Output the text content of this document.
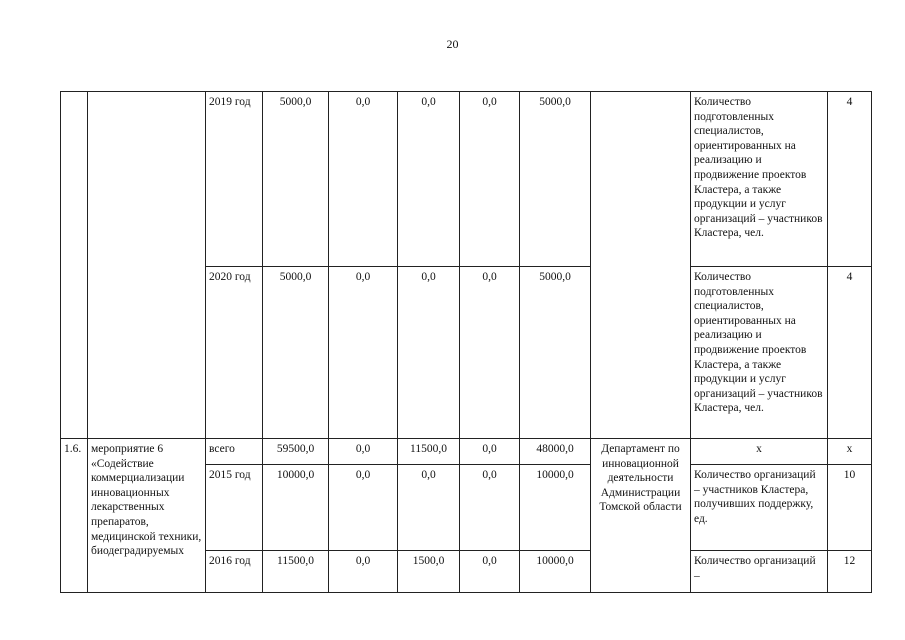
20
		2019 год	5000,0	0,0	0,0	0,0	5000,0		Количество подготовленных специалистов, ориентированных на реализацию и продвижение проектов Кластера, а также продукции и услуг организаций – участников Кластера, чел.	4
		2020 год	5000,0	0,0	0,0	0,0	5000,0		Количество подготовленных специалистов, ориентированных на реализацию и продвижение проектов Кластера, а также продукции и услуг организаций – участников Кластера, чел.	4
1.6.	мероприятие 6 «Содействие коммерциализации инновационных лекарственных препаратов, медицинской техники, биодеградируемых	всего	59500,0	0,0	11500,0	0,0	48000,0	Департамент по инновационной деятельности Администрации Томской области	х	х
		2015 год	10000,0	0,0	0,0	0,0	10000,0		Количество организаций – участников Кластера, получивших поддержку, ед.	10
		2016 год	11500,0	0,0	1500,0	0,0	10000,0		Количество организаций –	12
